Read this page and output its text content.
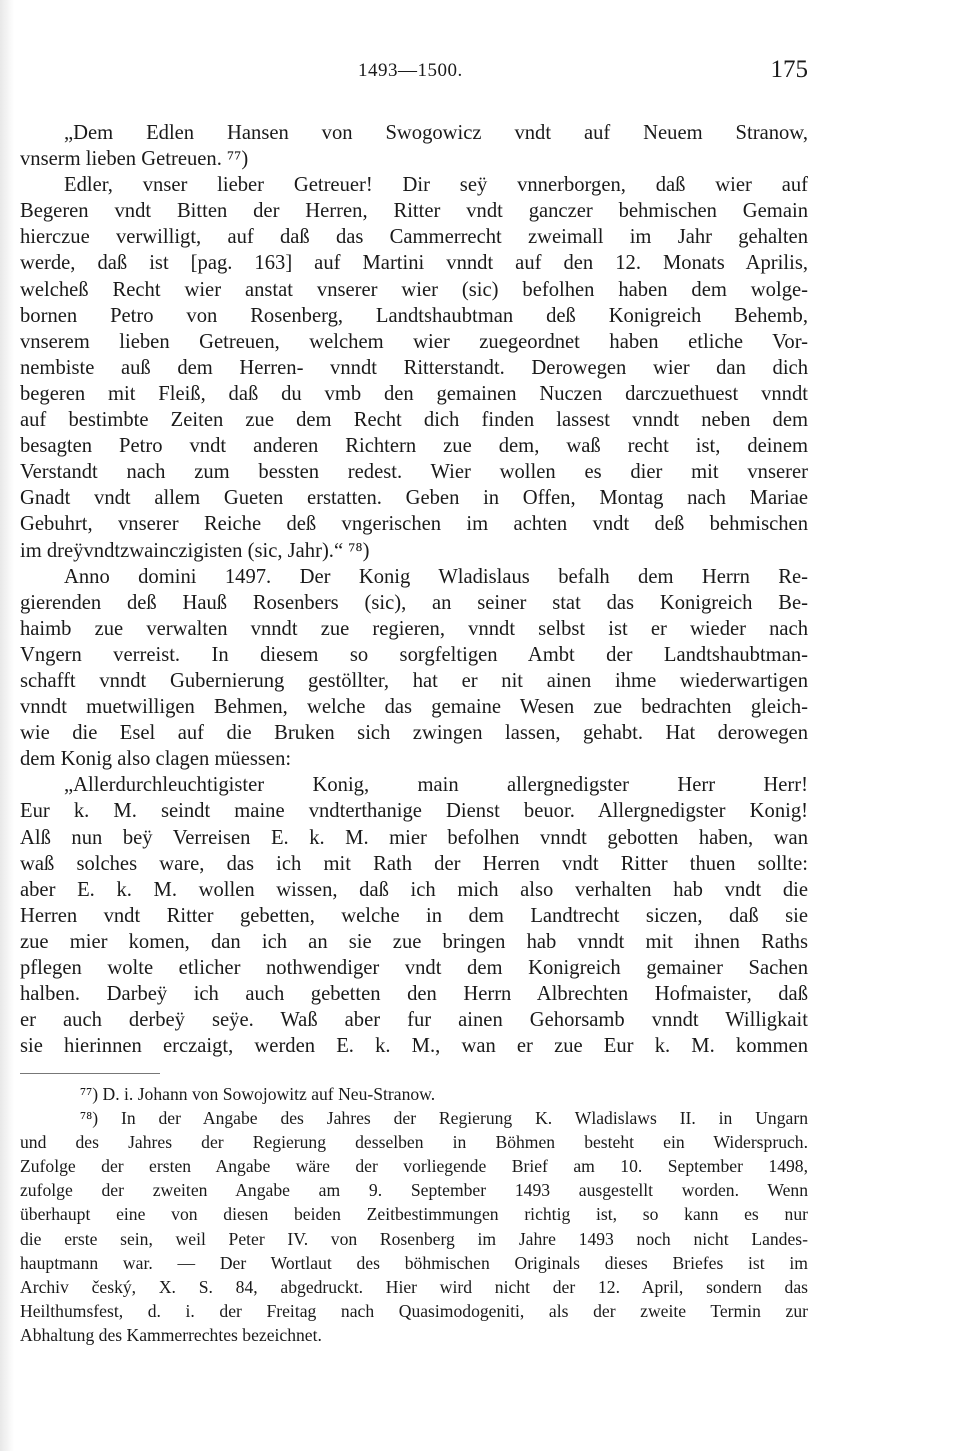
1493—1500.	175
„Dem Edlen Hansen von Swogowicz vndt auf Neuem Stranow,
vnserm lieben Getreuen. ⁷⁷)
Edler, vnser lieber Getreuer! Dir seÿ vnnerborgen, daß wier auf
Begeren vndt Bitten der Herren, Ritter vndt ganczer behmischen Gemain
hierczue verwilligt, auf daß das Cammerrecht zweimall im Jahr gehalten
werde, daß ist [pag. 163] auf Martini vnndt auf den 12. Monats Aprilis,
welcheß Recht wier anstat vnserer wier (sic) befolhen haben dem wolge-
bornen Petro von Rosenberg, Landtshaubtman deß Konigreich Behemb,
vnserem lieben Getreuen, welchem wier zuegeordnet haben etliche Vor-
nembiste auß dem Herren- vnndt Ritterstandt. Derowegen wier dan dich
begeren mit Fleiß, daß du vmb den gemainen Nuczen darczuethuest vnndt
auf bestimbte Zeiten zue dem Recht dich finden lassest vnndt neben dem
besagten Petro vndt anderen Richtern zue dem, waß recht ist, deinem
Verstandt nach zum bessten redest. Wier wollen es dier mit vnserer
Gnadt vndt allem Gueten erstatten. Geben in Offen, Montag nach Mariae
Gebuhrt, vnserer Reiche deß vngerischen im achten vndt deß behmischen
im dreÿvndtzwainczigisten (sic, Jahr).“ ⁷⁸)
Anno domini 1497. Der Konig Wladislaus befalh dem Herrn Re-
gierenden deß Hauß Rosenbers (sic), an seiner stat das Konigreich Be-
haimb zue verwalten vnndt zue regieren, vnndt selbst ist er wieder nach
Vngern verreist. In diesem so sorgfeltigen Ambt der Landtshaubtman-
schafft vnndt Gubernierung gestöllter, hat er nit ainen ihme wiederwartigen
vnndt muetwilligen Behmen, welche das gemaine Wesen zue bedrachten gleich-
wie die Esel auf die Bruken sich zwingen lassen, gehabt. Hat derowegen
dem Konig also clagen müessen:
„Allerdurchleuchtigister Konig, main allergnedigster Herr Herr!
Eur k. M. seindt maine vndterthanige Dienst beuor. Allergnedigster Konig!
Alß nun beÿ Verreisen E. k. M. mier befolhen vnndt gebotten haben, wan
waß solches ware, das ich mit Rath der Herren vndt Ritter thuen sollte:
aber E. k. M. wollen wissen, daß ich mich also verhalten hab vndt die
Herren vndt Ritter gebetten, welche in dem Landtrecht siczen, daß sie
zue mier komen, dan ich an sie zue bringen hab vnndt mit ihnen Raths
pflegen wolte etlicher nothwendiger vndt dem Konigreich gemainer Sachen
halben. Darbeÿ ich auch gebetten den Herrn Albrechten Hofmaister, daß
er auch derbeÿ seÿe. Waß aber fur ainen Gehorsamb vnndt Willigkait
sie hierinnen erczaigt, werden E. k. M., wan er zue Eur k. M. kommen
⁷⁷) D. i. Johann von Sowojowitz auf Neu-Stranow.
⁷⁸) In der Angabe des Jahres der Regierung K. Wladislaws II. in Ungarn
und des Jahres der Regierung desselben in Böhmen besteht ein Widerspruch.
Zufolge der ersten Angabe wäre der vorliegende Brief am 10. September 1498,
zufolge der zweiten Angabe am 9. September 1493 ausgestellt worden. Wenn
überhaupt eine von diesen beiden Zeitbestimmungen richtig ist, so kann es nur
die erste sein, weil Peter IV. von Rosenberg im Jahre 1493 noch nicht Landes-
hauptmann war. — Der Wortlaut des böhmischen Originals dieses Briefes ist im
Archiv český, X. S. 84, abgedruckt. Hier wird nicht der 12. April, sondern das
Heilthumsfest, d. i. der Freitag nach Quasimodogeniti, als der zweite Termin zur
Abhaltung des Kammerrechtes bezeichnet.
